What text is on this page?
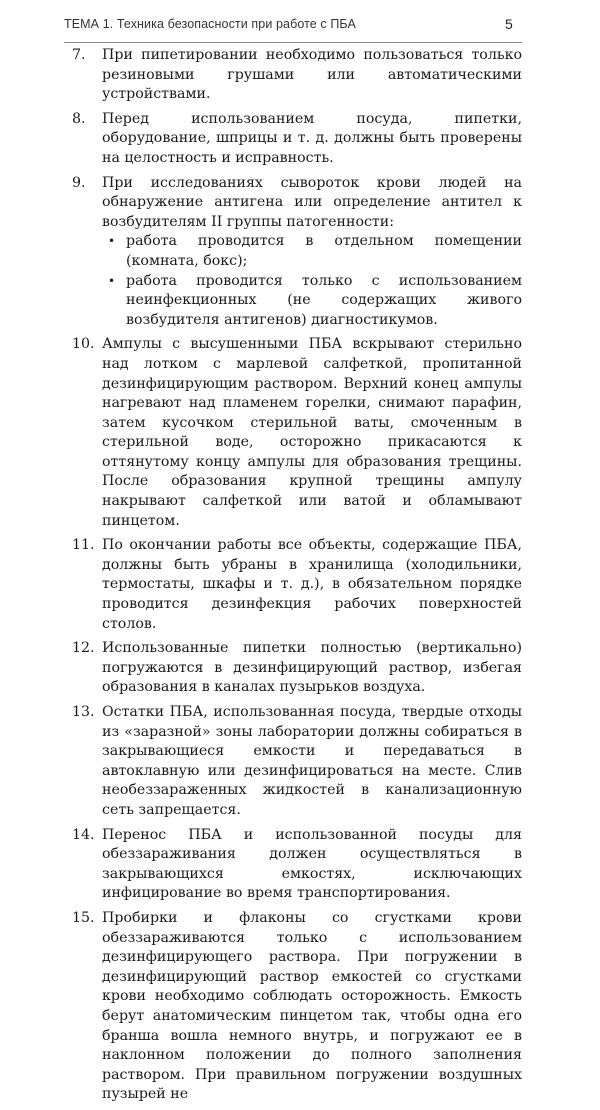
ТЕМА 1. Техника безопасности при работе с ПБА	5
7. При пипетировании необходимо пользоваться только резиновыми грушами или автоматическими устройствами.
8. Перед использованием посуда, пипетки, оборудование, шприцы и т. д. должны быть проверены на целостность и исправность.
9. При исследованиях сывороток крови людей на обнаружение антигена или определение антител к возбудителям II группы патогенности:
• работа проводится в отдельном помещении (комната, бокс);
• работа проводится только с использованием неинфекционных (не содержащих живого возбудителя антигенов) диагностикумов.
10. Ампулы с высушенными ПБА вскрывают стерильно над лотком с марлевой салфеткой, пропитанной дезинфицирующим раствором. Верхний конец ампулы нагревают над пламенем горелки, снимают парафин, затем кусочком стерильной ваты, смоченным в стерильной воде, осторожно прикасаются к оттянутому концу ампулы для образования трещины. После образования крупной трещины ампулу накрывают салфеткой или ватой и обламывают пинцетом.
11. По окончании работы все объекты, содержащие ПБА, должны быть убраны в хранилища (холодильники, термостаты, шкафы и т. д.), в обязательном порядке проводится дезинфекция рабочих поверхностей столов.
12. Использованные пипетки полностью (вертикально) погружаются в дезинфицирующий раствор, избегая образования в каналах пузырьков воздуха.
13. Остатки ПБА, использованная посуда, твердые отходы из «заразной» зоны лаборатории должны собираться в закрывающиеся емкости и передаваться в автоклавную или дезинфицироваться на месте. Слив необеззараженных жидкостей в канализационную сеть запрещается.
14. Перенос ПБА и использованной посуды для обеззараживания должен осуществляться в закрывающихся емкостях, исключающих инфицирование во время транспортирования.
15. Пробирки и флаконы со сгустками крови обеззараживаются только с использованием дезинфицирующего раствора. При погружении в дезинфицирующий раствор емкостей со сгустками крови необходимо соблюдать осторожность. Емкость берут анатомическим пинцетом так, чтобы одна его бранша вошла немного внутрь, и погружают ее в наклонном положении до полного заполнения раствором. При правильном погружении воздушных пузырей не
